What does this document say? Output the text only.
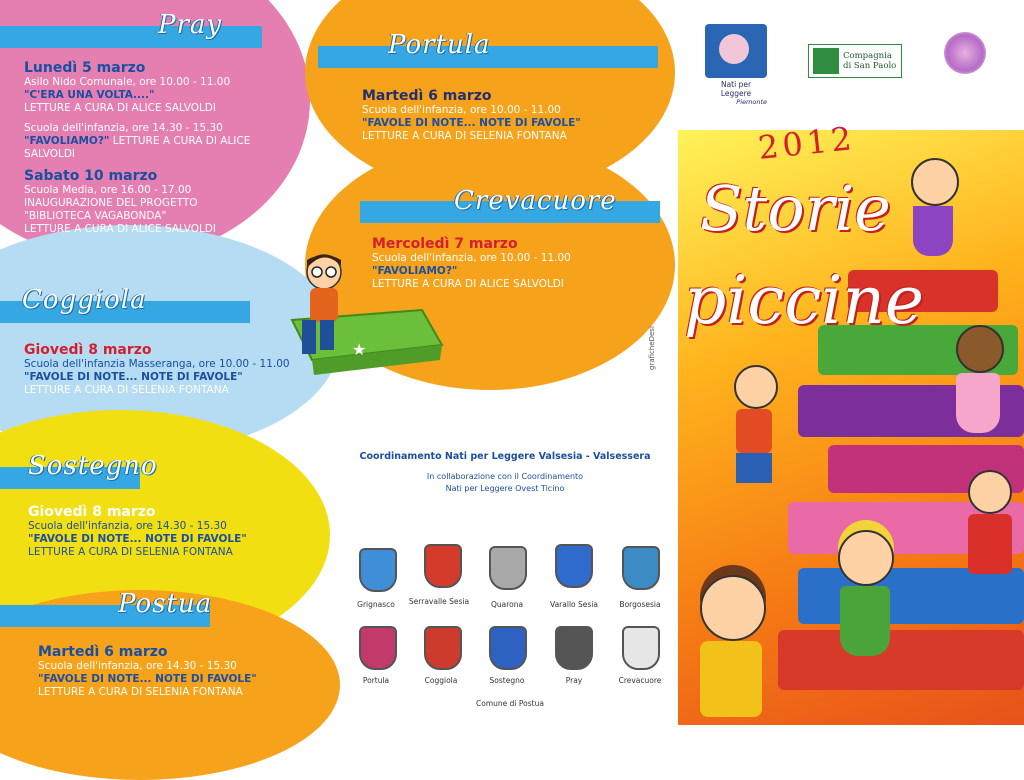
Pray
Lunedì 5 marzo
Asilo Nido Comunale, ore 10.00 - 11.00
"C'ERA UNA VOLTA...."
LETTURE A CURA DI ALICE SALVOLDI
Scuola dell'infanzia, ore 14.30 - 15.30
"FAVOLIAMO?" LETTURE A CURA DI ALICE SALVOLDI
Sabato 10 marzo
Scuola Media, ore 16.00 - 17.00
INAUGURAZIONE DEL PROGETTO
"BIBLIOTECA VAGABONDA"
LETTURE A CURA DI ALICE SALVOLDI
Portula
Martedì 6 marzo
Scuola dell'infanzia, ore 10.00 - 11.00
"FAVOLE DI NOTE... NOTE DI FAVOLE"
LETTURE A CURA DI SELENIA FONTANA
Crevacuore
Mercoledì 7 marzo
Scuola dell'infanzia, ore 10.00 - 11.00
"FAVOLIAMO?"
LETTURE A CURA DI ALICE SALVOLDI
Coggiola
Giovedì 8 marzo
Scuola dell'infanzia Masseranga, ore 10.00 - 11.00
"FAVOLE DI NOTE... NOTE DI FAVOLE"
LETTURE A CURA DI SELENIA FONTANA
Sostegno
Giovedì 8 marzo
Scuola dell'infanzia, ore 14.30 - 15.30
"FAVOLE DI NOTE... NOTE DI FAVOLE"
LETTURE A CURA DI SELENIA FONTANA
Postua
Martedì 6 marzo
Scuola dell'infanzia, ore 14.30 - 15.30
"FAVOLE DI NOTE... NOTE DI FAVOLE"
LETTURE A CURA DI SELENIA FONTANA
★	graficheDesi
Coordinamento Nati per Leggere Valsesia - Valsessera
In collaborazione con il Coordinamento
Nati per Leggere Ovest Ticino
Grignasco	Serravalle Sesia	Quarona	Varallo Sesia	Borgosesia
Portula	Coggiola	Sostegno	Pray	Crevacuore
Comune di Postua
Nati per Leggere
Piemonte
Compagnia
di San Paolo
2012
Storie
piccine
